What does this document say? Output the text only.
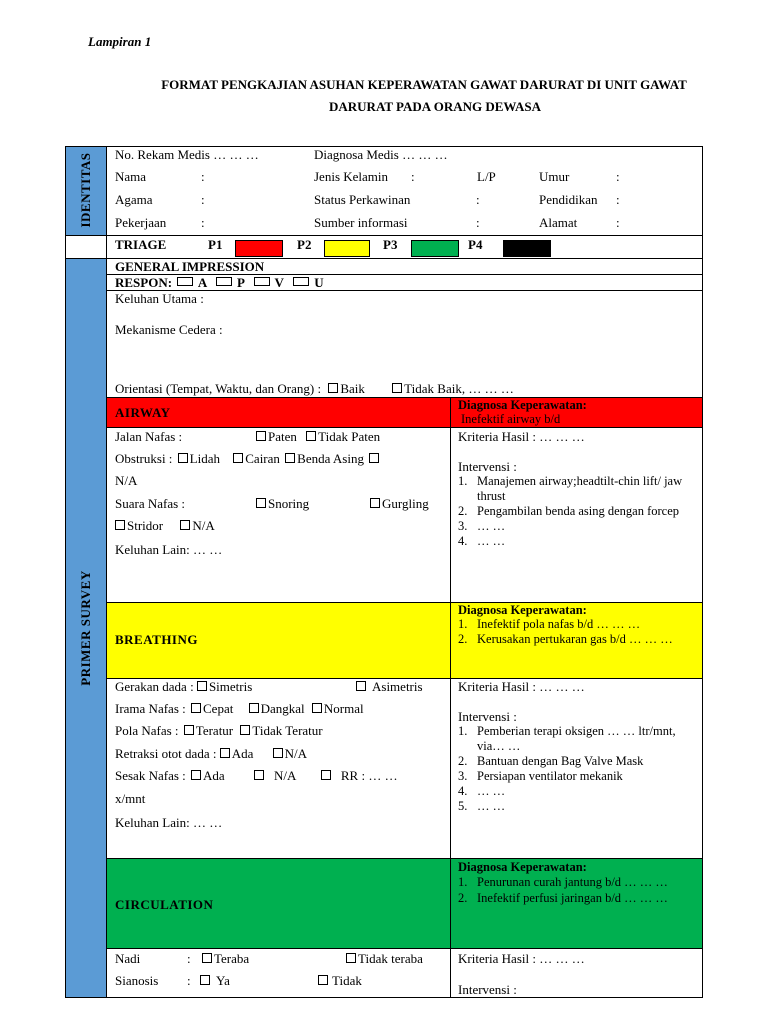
Lampiran 1
FORMAT PENGKAJIAN ASUHAN KEPERAWATAN GAWAT DARURAT DI UNIT GAWAT
DARURAT PADA ORANG DEWASA
IDENTITAS
PRIMER SURVEY
No. Rekam Medis … … …	Diagnosa Medis … … …
Nama	:	Jenis Kelamin :	L/P	Umur	:
Agama	:	Status Perkawinan	:	Pendidikan :
Pekerjaan	:	Sumber informasi	:	Alamat	:
TRIAGE	P1	P2	P3	P4
GENERAL IMPRESSION
RESPON: A P V U
Keluhan Utama :
Mekanisme Cedera :
Orientasi (Tempat, Waktu, dan Orang) : Baik	Tidak Baik, … … …
AIRWAY	Diagnosa Keperawatan:
Inefektif airway b/d
Jalan Nafas :	Paten Tidak Paten
Obstruksi : Lidah Cairan Benda Asing
N/A
Suara Nafas :	Snoring	Gurgling
Stridor N/A
Keluhan Lain: … …
Kriteria Hasil : … … …
Intervensi :
1. Manajemen airway;headtilt-chin lift/ jaw thrust
2. Pengambilan benda asing dengan forcep
3. … …
4. … …
BREATHING
Diagnosa Keperawatan:
1. Inefektif pola nafas b/d … … …
2. Kerusakan pertukaran gas b/d … … …
Gerakan dada : Simetris	Asimetris
Irama Nafas : Cepat Dangkal Normal
Pola Nafas : Teratur Tidak Teratur
Retraksi otot dada : Ada N/A
Sesak Nafas : Ada	N/A	RR : … …
x/mnt
Keluhan Lain: … …
Kriteria Hasil : … … …
Intervensi :
1. Pemberian terapi oksigen … … ltr/mnt, via… …
2. Bantuan dengan Bag Valve Mask
3. Persiapan ventilator mekanik
4. … …
5. … …
CIRCULATION
Diagnosa Keperawatan:
1. Penurunan curah jantung b/d … … …
2. Inefektif perfusi jaringan b/d … … …
Nadi	:	Teraba	Tidak teraba
Sianosis :	Ya	Tidak
Kriteria Hasil : … … …
Intervensi :
